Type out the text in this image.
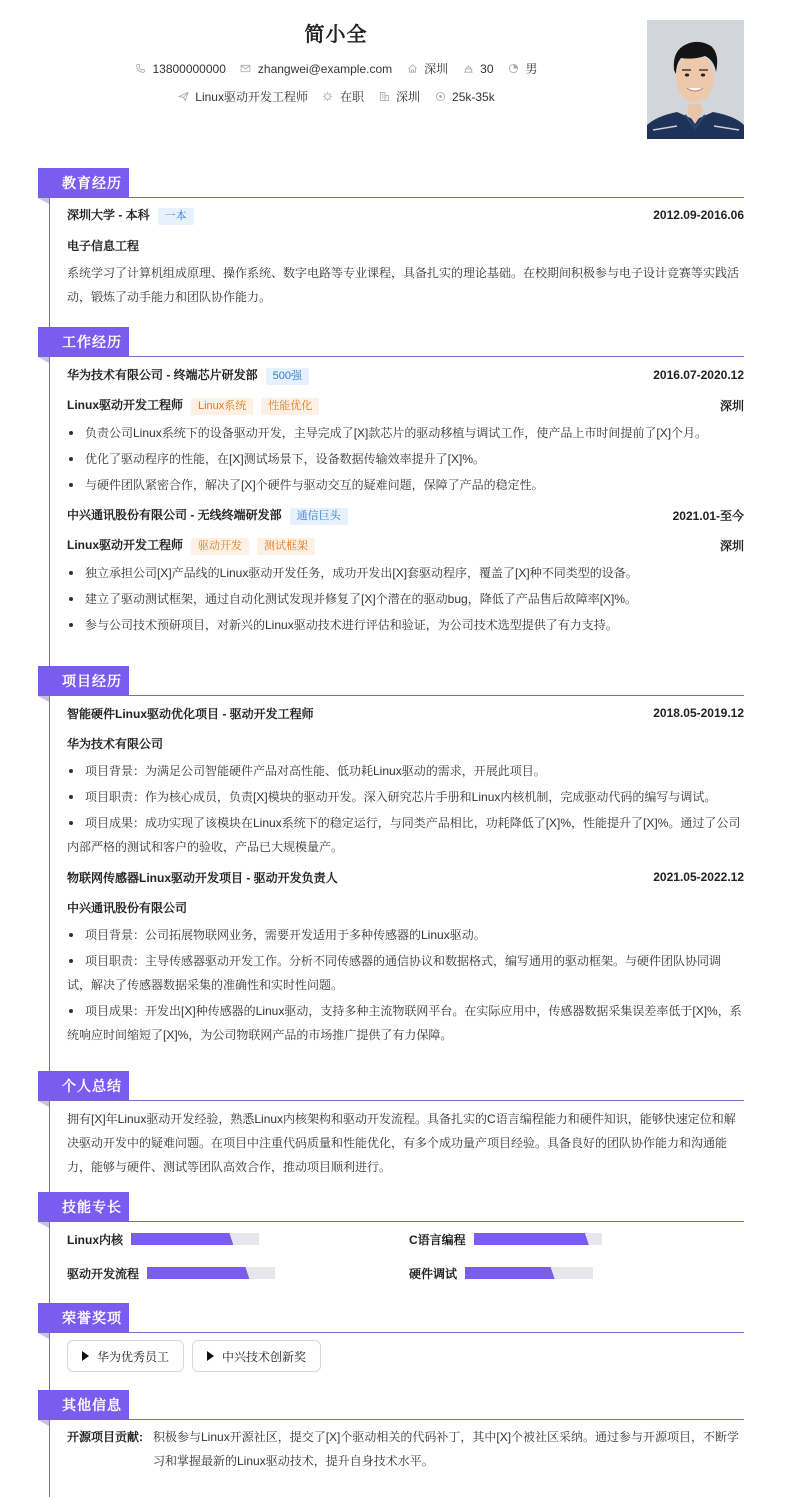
简小全
13800000000	zhangwei@example.com	深圳	30	男
Linux驱动开发工程师	在职	深圳	25k-35k
教育经历
深圳大学 - 本科 一本	2012.09-2016.06
电子信息工程
系统学习了计算机组成原理、操作系统、数字电路等专业课程，具备扎实的理论基础。在校期间积极参与电子设计竞赛等实践活动，锻炼了动手能力和团队协作能力。
工作经历
华为技术有限公司 - 终端芯片研发部 500强	2016.07-2020.12
Linux驱动开发工程师 Linux系统 性能优化	深圳
负责公司Linux系统下的设备驱动开发，主导完成了[X]款芯片的驱动移植与调试工作，使产品上市时间提前了[X]个月。
优化了驱动程序的性能，在[X]测试场景下，设备数据传输效率提升了[X]%。
与硬件团队紧密合作，解决了[X]个硬件与驱动交互的疑难问题，保障了产品的稳定性。
中兴通讯股份有限公司 - 无线终端研发部 通信巨头	2021.01-至今
Linux驱动开发工程师 驱动开发 测试框架	深圳
独立承担公司[X]产品线的Linux驱动开发任务，成功开发出[X]套驱动程序，覆盖了[X]种不同类型的设备。
建立了驱动测试框架，通过自动化测试发现并修复了[X]个潜在的驱动bug，降低了产品售后故障率[X]%。
参与公司技术预研项目，对新兴的Linux驱动技术进行评估和验证，为公司技术选型提供了有力支持。
项目经历
智能硬件Linux驱动优化项目 - 驱动开发工程师	2018.05-2019.12
华为技术有限公司
项目背景：为满足公司智能硬件产品对高性能、低功耗Linux驱动的需求，开展此项目。
项目职责：作为核心成员，负责[X]模块的驱动开发。深入研究芯片手册和Linux内核机制，完成驱动代码的编写与调试。
项目成果：成功实现了该模块在Linux系统下的稳定运行，与同类产品相比，功耗降低了[X]%，性能提升了[X]%。通过了公司内部严格的测试和客户的验收，产品已大规模量产。
物联网传感器Linux驱动开发项目 - 驱动开发负责人	2021.05-2022.12
中兴通讯股份有限公司
项目背景：公司拓展物联网业务，需要开发适用于多种传感器的Linux驱动。
项目职责：主导传感器驱动开发工作。分析不同传感器的通信协议和数据格式，编写通用的驱动框架。与硬件团队协同调试，解决了传感器数据采集的准确性和实时性问题。
项目成果：开发出[X]种传感器的Linux驱动，支持多种主流物联网平台。在实际应用中，传感器数据采集误差率低于[X]%，系统响应时间缩短了[X]%，为公司物联网产品的市场推广提供了有力保障。
个人总结
拥有[X]年Linux驱动开发经验，熟悉Linux内核架构和驱动开发流程。具备扎实的C语言编程能力和硬件知识，能够快速定位和解决驱动开发中的疑难问题。在项目中注重代码质量和性能优化，有多个成功量产项目经验。具备良好的团队协作能力和沟通能力，能够与硬件、测试等团队高效合作，推动项目顺利进行。
技能专长
Linux内核	C语言编程
驱动开发流程	硬件调试
荣誉奖项
华为优秀员工	中兴技术创新奖
其他信息
开源项目贡献: 积极参与Linux开源社区，提交了[X]个驱动相关的代码补丁，其中[X]个被社区采纳。通过参与开源项目，不断学习和掌握最新的Linux驱动技术，提升自身技术水平。
